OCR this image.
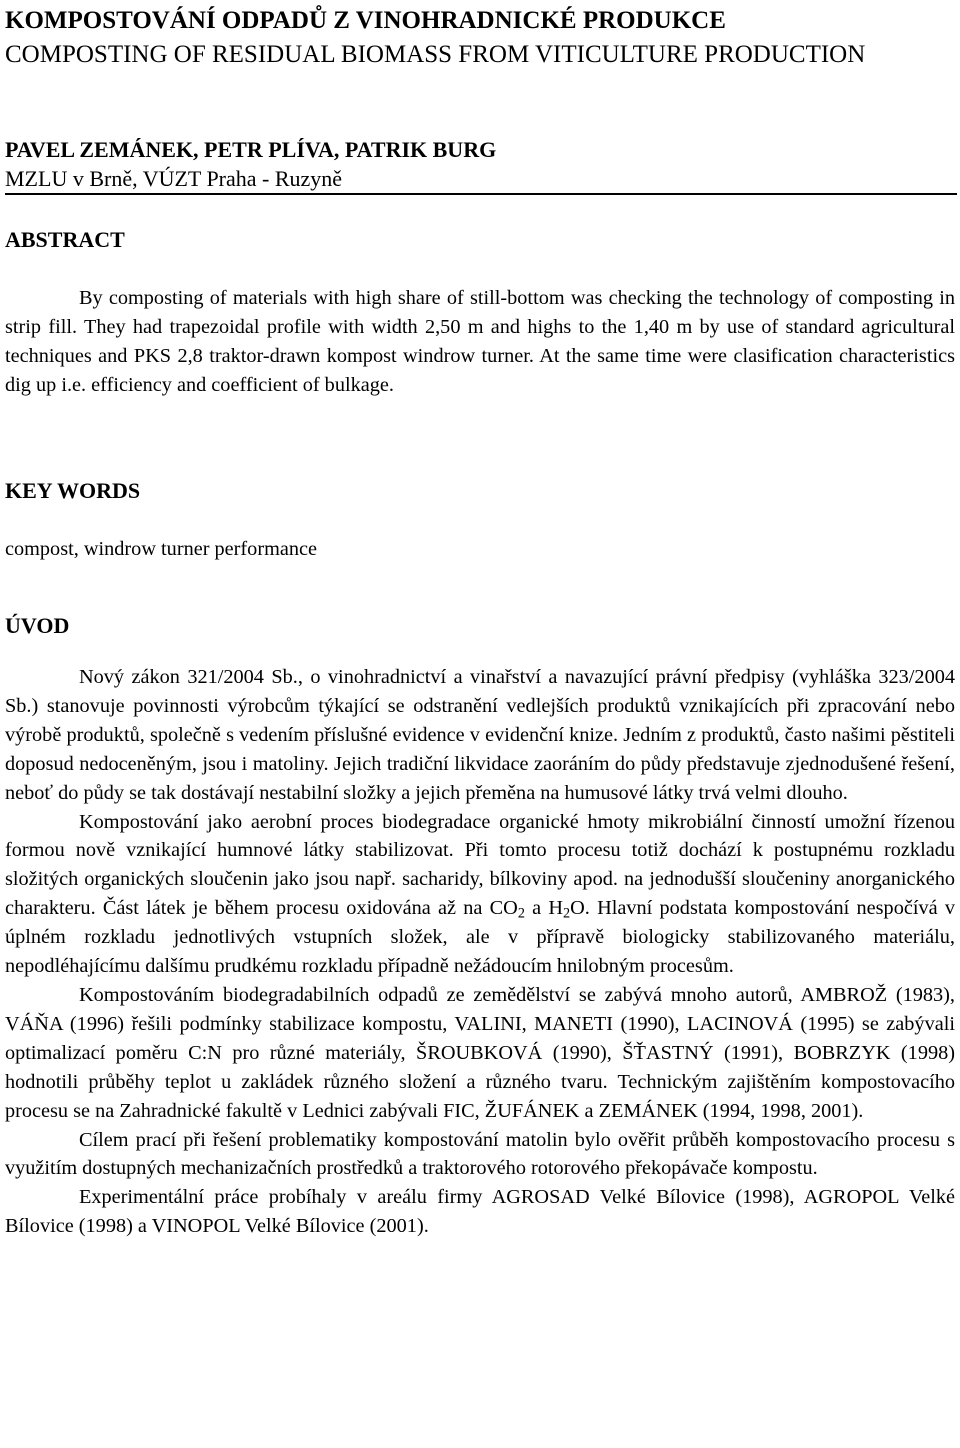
KOMPOSTOVÁNÍ ODPADŮ Z VINOHRADNICKÉ PRODUKCE
COMPOSTING OF RESIDUAL BIOMASS FROM VITICULTURE PRODUCTION
PAVEL ZEMÁNEK, PETR PLÍVA, PATRIK BURG
MZLU v Brně, VÚZT Praha - Ruzyně
ABSTRACT
By composting of materials with high share of still-bottom was checking the technology of composting in strip fill. They had trapezoidal profile with width 2,50 m and highs to the 1,40 m by use of standard agricultural techniques and PKS 2,8 traktor-drawn kompost windrow turner. At the same time were clasification characteristics dig up i.e. efficiency and coefficient of bulkage.
KEY WORDS
compost, windrow turner performance
ÚVOD

Nový zákon 321/2004 Sb., o vinohradnictví a vinařství a navazující právní předpisy (vyhláška 323/2004 Sb.) stanovuje povinnosti výrobcům týkající se odstranění vedlejších produktů vznikajících při zpracování nebo výrobě produktů, společně s vedením příslušné evidence v evidenční knize. Jedním z produktů, často našimi pěstiteli doposud nedoceněným, jsou i matoliny. Jejich tradiční likvidace zaoráním do půdy představuje zjednodušené řešení, neboť do půdy se tak dostávají nestabilní složky a jejich přeměna na humusové látky trvá velmi dlouho.

Kompostování jako aerobní proces biodegradace organické hmoty mikrobiální činností umožní řízenou formou nově vznikající humnové látky stabilizovat. Při tomto procesu totiž dochází k postupnému rozkladu složitých organických sloučenin jako jsou např. sacharidy, bílkoviny apod. na jednodušší sloučeniny anorganického charakteru. Část látek je během procesu oxidována až na $CO_2$ a $H_2O$. Hlavní podstata kompostování nespočívá v úplném rozkladu jednotlivých vstupních složek, ale v přípravě biologicky stabilizovaného materiálu, nepodléhajícímu dalšímu prudkému rozkladu případně nežádoucím hnilobným procesům.

Kompostováním biodegradabilních odpadů ze zemědělství se zabývá mnoho autorů, AMBROŽ (1983), VÁŇA (1996) řešili podmínky stabilizace kompostu, VALINI, MANETI (1990), LACINOVÁ (1995) se zabývali optimalizací poměru C:N pro různé materiály, ŠROUBKOVÁ (1990), ŠŤASTNÝ (1991), BOBRZYK (1998) hodnotili průběhy teplot u zakládek různého složení a různého tvaru. Technickým zajištěním kompostovacího procesu se na Zahradnické fakultě v Lednici zabývali FIC, ŽUFÁNEK a ZEMÁNEK (1994, 1998, 2001).

Cílem prací při řešení problematiky kompostování matolin bylo ověřit průběh kompostovacího procesu s využitím dostupných mechanizačních prostředků a traktorového rotorového překopávače kompostu.

Experimentální práce probíhaly v areálu firmy AGROSAD Velké Bílovice (1998), AGROPOL Velké Bílovice (1998) a VINOPOL Velké Bílovice (2001).
